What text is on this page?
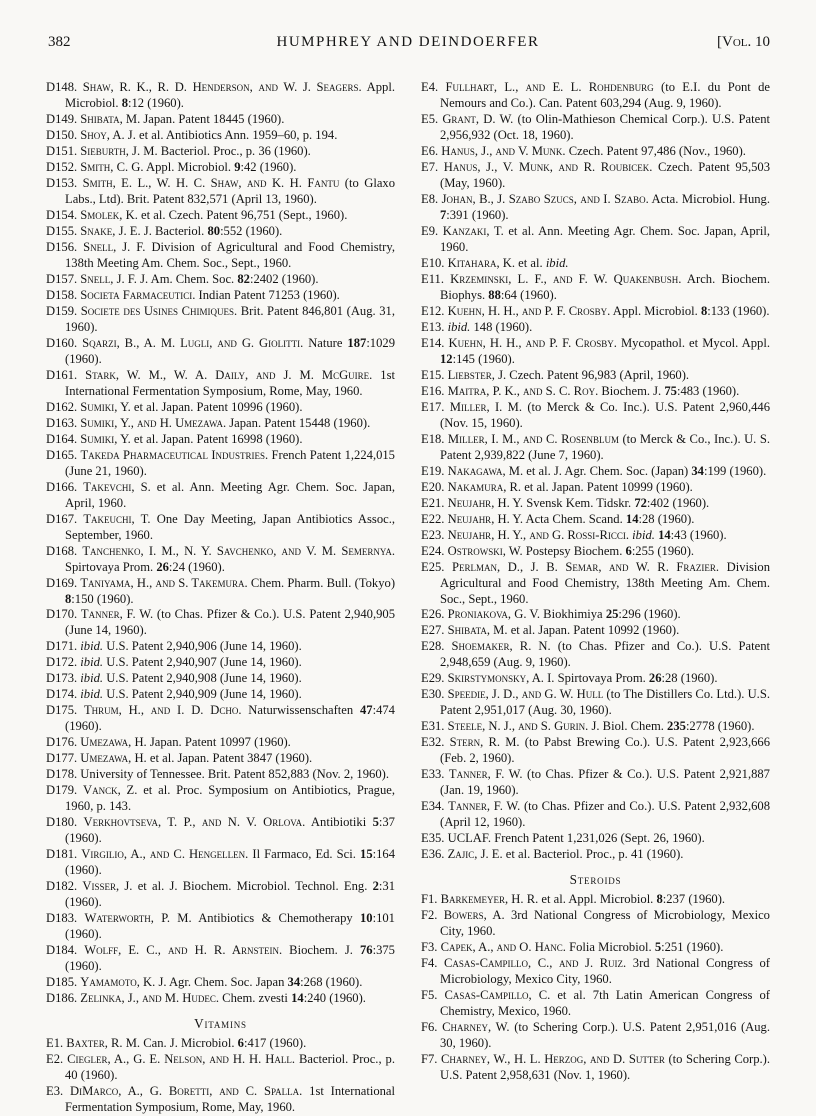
382	HUMPHREY AND DEINDOERFER	[Vol. 10

D148. Shaw, R. K., R. D. Henderson, and W. J. Seagers. Appl. Microbiol. 8:12 (1960).

D149. Shibata, M. Japan. Patent 18445 (1960).

D150. Shoy, A. J. et al. Antibiotics Ann. 1959–60, p. 194.

D151. Sieburth, J. M. Bacteriol. Proc., p. 36 (1960).

D152. Smith, C. G. Appl. Microbiol. 9:42 (1960).

D153. Smith, E. L., W. H. C. Shaw, and K. H. Fantu (to Glaxo Labs., Ltd). Brit. Patent 832,571 (April 13, 1960).

D154. Smolek, K. et al. Czech. Patent 96,751 (Sept., 1960).

D155. Snake, J. E. J. Bacteriol. 80:552 (1960).

D156. Snell, J. F. Division of Agricultural and Food Chemistry, 138th Meeting Am. Chem. Soc., Sept., 1960.

D157. Snell, J. F. J. Am. Chem. Soc. 82:2402 (1960).

D158. Societa Farmaceutici. Indian Patent 71253 (1960).

D159. Societe des Usines Chimiques. Brit. Patent 846,801 (Aug. 31, 1960).

D160. Sqarzi, B., A. M. Lugli, and G. Giolitti. Nature 187:1029 (1960).

D161. Stark, W. M., W. A. Daily, and J. M. McGuire. 1st International Fermentation Symposium, Rome, May, 1960.

D162. Sumiki, Y. et al. Japan. Patent 10996 (1960).

D163. Sumiki, Y., and H. Umezawa. Japan. Patent 15448 (1960).

D164. Sumiki, Y. et al. Japan. Patent 16998 (1960).

D165. Takeda Pharmaceutical Industries. French Patent 1,224,015 (June 21, 1960).

D166. Takevchi, S. et al. Ann. Meeting Agr. Chem. Soc. Japan, April, 1960.

D167. Takeuchi, T. One Day Meeting, Japan Antibiotics Assoc., September, 1960.

D168. Tanchenko, I. M., N. Y. Savchenko, and V. M. Semernya. Spirtovaya Prom. 26:24 (1960).

D169. Taniyama, H., and S. Takemura. Chem. Pharm. Bull. (Tokyo) 8:150 (1960).

D170. Tanner, F. W. (to Chas. Pfizer & Co.). U.S. Patent 2,940,905 (June 14, 1960).

D171. ibid. U.S. Patent 2,940,906 (June 14, 1960).

D172. ibid. U.S. Patent 2,940,907 (June 14, 1960).

D173. ibid. U.S. Patent 2,940,908 (June 14, 1960).

D174. ibid. U.S. Patent 2,940,909 (June 14, 1960).

D175. Thrum, H., and I. D. Dcho. Naturwissenschaften 47:474 (1960).

D176. Umezawa, H. Japan. Patent 10997 (1960).

D177. Umezawa, H. et al. Japan. Patent 3847 (1960).

D178. University of Tennessee. Brit. Patent 852,883 (Nov. 2, 1960).

D179. Vanck, Z. et al. Proc. Symposium on Antibiotics, Prague, 1960, p. 143.

D180. Verkhovtseva, T. P., and N. V. Orlova. Antibiotiki 5:37 (1960).

D181. Virgilio, A., and C. Hengellen. Il Farmaco, Ed. Sci. 15:164 (1960).

D182. Visser, J. et al. J. Biochem. Microbiol. Technol. Eng. 2:31 (1960).

D183. Waterworth, P. M. Antibiotics & Chemotherapy 10:101 (1960).

D184. Wolff, E. C., and H. R. Arnstein. Biochem. J. 76:375 (1960).

D185. Yamamoto, K. J. Agr. Chem. Soc. Japan 34:268 (1960).

D186. Zelinka, J., and M. Hudec. Chem. zvesti 14:240 (1960).

Vitamins

E1. Baxter, R. M. Can. J. Microbiol. 6:417 (1960).

E2. Ciegler, A., G. E. Nelson, and H. H. Hall. Bacteriol. Proc., p. 40 (1960).

E3. DiMarco, A., G. Boretti, and C. Spalla. 1st International Fermentation Symposium, Rome, May, 1960.

E4. Fullhart, L., and E. L. Rohdenburg (to E.I. du Pont de Nemours and Co.). Can. Patent 603,294 (Aug. 9, 1960).

E5. Grant, D. W. (to Olin-Mathieson Chemical Corp.). U.S. Patent 2,956,932 (Oct. 18, 1960).

E6. Hanus, J., and V. Munk. Czech. Patent 97,486 (Nov., 1960).

E7. Hanus, J., V. Munk, and R. Roubicek. Czech. Patent 95,503 (May, 1960).

E8. Johan, B., J. Szabo Szucs, and I. Szabo. Acta. Microbiol. Hung. 7:391 (1960).

E9. Kanzaki, T. et al. Ann. Meeting Agr. Chem. Soc. Japan, April, 1960.

E10. Kitahara, K. et al. ibid.

E11. Krzeminski, L. F., and F. W. Quakenbush. Arch. Biochem. Biophys. 88:64 (1960).

E12. Kuehn, H. H., and P. F. Crosby. Appl. Microbiol. 8:133 (1960).

E13. ibid. 148 (1960).

E14. Kuehn, H. H., and P. F. Crosby. Mycopathol. et Mycol. Appl. 12:145 (1960).

E15. Liebster, J. Czech. Patent 96,983 (April, 1960).

E16. Maitra, P. K., and S. C. Roy. Biochem. J. 75:483 (1960).

E17. Miller, I. M. (to Merck & Co. Inc.). U.S. Patent 2,960,446 (Nov. 15, 1960).

E18. Miller, I. M., and C. Rosenblum (to Merck & Co., Inc.). U. S. Patent 2,939,822 (June 7, 1960).

E19. Nakagawa, M. et al. J. Agr. Chem. Soc. (Japan) 34:199 (1960).

E20. Nakamura, R. et al. Japan. Patent 10999 (1960).

E21. Neujahr, H. Y. Svensk Kem. Tidskr. 72:402 (1960).

E22. Neujahr, H. Y. Acta Chem. Scand. 14:28 (1960).

E23. Neujahr, H. Y., and G. Rossi-Ricci. ibid. 14:43 (1960).

E24. Ostrowski, W. Postepsy Biochem. 6:255 (1960).

E25. Perlman, D., J. B. Semar, and W. R. Frazier. Division Agricultural and Food Chemistry, 138th Meeting Am. Chem. Soc., Sept., 1960.

E26. Proniakova, G. V. Biokhimiya 25:296 (1960).

E27. Shibata, M. et al. Japan. Patent 10992 (1960).

E28. Shoemaker, R. N. (to Chas. Pfizer and Co.). U.S. Patent 2,948,659 (Aug. 9, 1960).

E29. Skirstymonsky, A. I. Spirtovaya Prom. 26:28 (1960).

E30. Speedie, J. D., and G. W. Hull (to The Distillers Co. Ltd.). U.S. Patent 2,951,017 (Aug. 30, 1960).

E31. Steele, N. J., and S. Gurin. J. Biol. Chem. 235:2778 (1960).

E32. Stern, R. M. (to Pabst Brewing Co.). U.S. Patent 2,923,666 (Feb. 2, 1960).

E33. Tanner, F. W. (to Chas. Pfizer & Co.). U.S. Patent 2,921,887 (Jan. 19, 1960).

E34. Tanner, F. W. (to Chas. Pfizer and Co.). U.S. Patent 2,932,608 (April 12, 1960).

E35. UCLAF. French Patent 1,231,026 (Sept. 26, 1960).

E36. Zajic, J. E. et al. Bacteriol. Proc., p. 41 (1960).

Steroids

F1. Barkemeyer, H. R. et al. Appl. Microbiol. 8:237 (1960).

F2. Bowers, A. 3rd National Congress of Microbiology, Mexico City, 1960.

F3. Capek, A., and O. Hanc. Folia Microbiol. 5:251 (1960).

F4. Casas-Campillo, C., and J. Ruiz. 3rd National Congress of Microbiology, Mexico City, 1960.

F5. Casas-Campillo, C. et al. 7th Latin American Congress of Chemistry, Mexico, 1960.

F6. Charney, W. (to Schering Corp.). U.S. Patent 2,951,016 (Aug. 30, 1960).

F7. Charney, W., H. L. Herzog, and D. Sutter (to Schering Corp.). U.S. Patent 2,958,631 (Nov. 1, 1960).
